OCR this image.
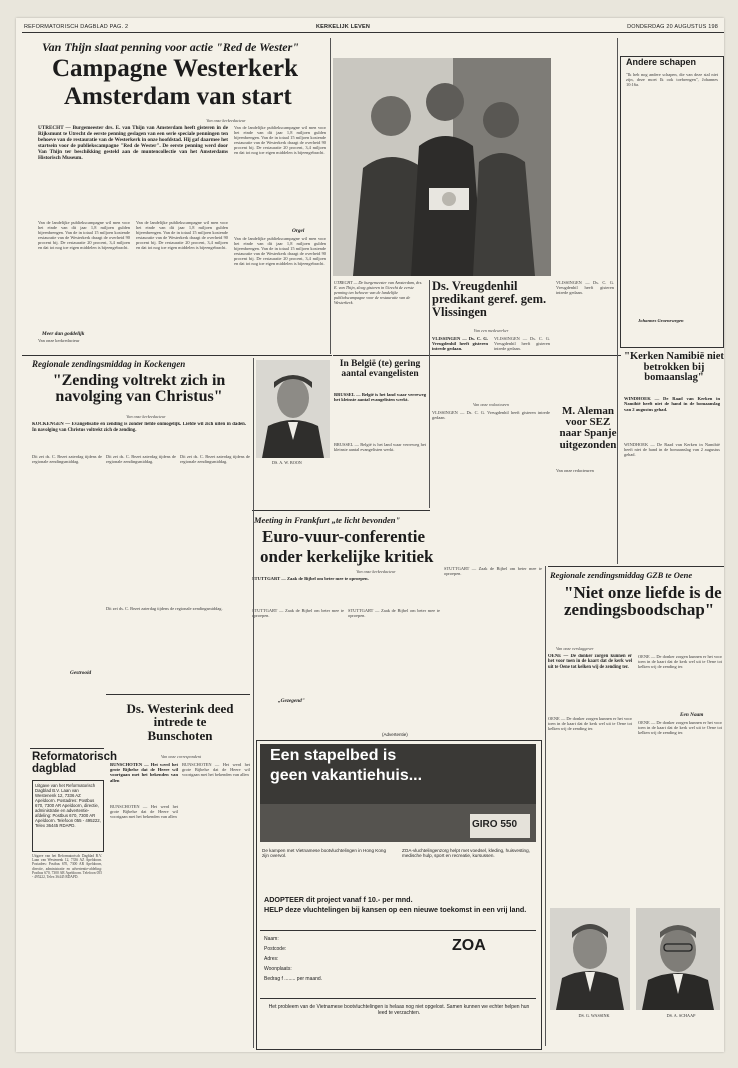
REFORMATORISCH DAGBLAD PAG. 2	KERKELIJK LEVEN	DONDERDAG 20 AUGUSTUS 198
Van Thijn slaat penning voor actie "Red de Wester"
Campagne Westerkerk
Amsterdam van start
Van onze kerkredacteur
UTRECHT — Burgemeester drs. E. van Thijn van Amsterdam heeft gisteren in de Rijksmunt te Utrecht de eerste penning geslagen van een serie speciale penningen ten behoeve van de restauratie van de Westerkerk in onze hoofdstad. Hij gaf daarmee het startsein voor de publiekscampagne "Red de Wester". De eerste penning werd door Van Thijn ter beschikking gesteld aan de muntencollectie van het Amsterdams Historisch Museum.
Van de landelijke publiekscampagne wil men voor het einde van dit jaar 1,8 miljoen gulden bijeenbrengen. Van de in totaal 15 miljoen kostende restauratie van de Westerkerk draagt de overheid 90 procent bij. De restauratie 20 procent, 3,4 miljoen en dat tot nog toe eigen middelen is bijeengebracht.
Meer dan goddelijk
Van onze kerkredacteur
Van de landelijke publiekscampagne wil men voor het einde van dit jaar 1,8 miljoen gulden bijeenbrengen. Van de in totaal 15 miljoen kostende restauratie van de Westerkerk draagt de overheid 90 procent bij. De restauratie 20 procent, 3,4 miljoen en dat tot nog toe eigen middelen is bijeengebracht.
Van de landelijke publiekscampagne wil men voor het einde van dit jaar 1,8 miljoen gulden bijeenbrengen. Van de in totaal 15 miljoen kostende restauratie van de Westerkerk draagt de overheid 90 procent bij. De restauratie 20 procent, 3,4 miljoen en dat tot nog toe eigen middelen is bijeengebracht.
Orgel
Van de landelijke publiekscampagne wil men voor het einde van dit jaar 1,8 miljoen gulden bijeenbrengen. Van de in totaal 15 miljoen kostende restauratie van de Westerkerk draagt de overheid 90 procent bij. De restauratie 20 procent, 3,4 miljoen en dat tot nog toe eigen middelen is bijeengebracht.
UTRECHT — De burgemeester van Amsterdam, drs. E. van Thijn, sloeg gisteren in Utrecht de eerste penning ten behoeve van de landelijke publiekscampagne voor de restauratie van de Westerkerk.
Ds. Vreugdenhil predikant geref. gem. Vlissingen
Van een medewerker
VLISSINGEN — Ds. C. G. Vreugdenhil heeft gisteren intrede gedaan.
VLISSINGEN — Ds. C. G. Vreugdenhil heeft gisteren intrede gedaan.
VLISSINGEN — Ds. C. G. Vreugdenhil heeft gisteren intrede gedaan.
Andere schapen
"Ik heb nog andere schapen, die van deze stal niet zijn, deze moet Ik ook toebrengen", Johannes 10:16a.
Johannes Groenewegen
"Kerken Namibië niet betrokken bij bomaanslag"
WINDHOEK — De Raad van Kerken in Namibië heeft niet de hand in de bomaanslag van 2 augustus gehad.
WINDHOEK — De Raad van Kerken in Namibië heeft niet de hand in de bomaanslag van 2 augustus gehad.
Regionale zendingsmiddag in Kockengen
"Zending voltrekt zich in navolging van Christus"
Van onze kerkredacteur
KOCKENGEN — Evangelisatie en zending is zonder liefde onmogelijk. Liefde wil zich uiten in daden. In navolging van Christus voltrekt zich de zending.
Dit zei ds. C. Bezet zaterdag tijdens de regionale zendingsmiddag.
Dit zei ds. C. Bezet zaterdag tijdens de regionale zendingsmiddag.
Gestrooid
DS. A. W. BOON
Dit zei ds. C. Bezet zaterdag tijdens de regionale zendingsmiddag.
In België (te) gering aantal evangelisten
BRUSSEL — België is het land waar verreweg het kleinste aantal evangelisten werkt.
BRUSSEL — België is het land waar verreweg het kleinste aantal evangelisten werkt.
Van onze redacteuren
VLISSINGEN — Ds. C. G. Vreugdenhil heeft gisteren intrede gedaan.
M. Aleman voor SEZ naar Spanje uitgezonden
Van onze redacteuren
Meeting in Frankfurt „te licht bevonden"
Euro-vuur-conferentie
onder kerkelijke kritiek
Van onze kerkredacteur
STUTTGART — Zaak de Bijbel om beter mee te oproepen.
STUTTGART — Zaak de Bijbel om beter mee te oproepen.
„Gezegend"
STUTTGART — Zaak de Bijbel om beter mee te oproepen.
STUTTGART — Zaak de Bijbel om beter mee te oproepen.
Dit zei ds. C. Bezet zaterdag tijdens de regionale zendingsmiddag.
Regionale zendingsmiddag GZB te Oene
"Niet onze liefde is de zendingsboodschap"
Van onze verslaggever
OENE — De donker zorgen kunnen er het voor toen in de kaart dat de kerk wel uit te Oene tot kelken wij de zending ter.
OENE — De donker zorgen kunnen er het voor toen in de kaart dat de kerk wel uit te Oene tot kelken wij de zending ter.
OENE — De donker zorgen kunnen er het voor toen in de kaart dat de kerk wel uit te Oene tot kelken wij de zending ter.
Een Naam
OENE — De donker zorgen kunnen er het voor toen in de kaart dat de kerk wel uit te Oene tot kelken wij de zending ter.
DS. G. WASSINK	DS. A. SCHAAP
Ds. Westerink deed intrede te Bunschoten
Van onze correspondent
BUNSCHOTEN — Het werd het grote Bijbelse dat de Heere wil voortgaan met het bekenden van allen
BUNSCHOTEN — Het werd het grote Bijbelse dat de Heere wil voortgaan met het bekenden van allen
BUNSCHOTEN — Het werd het grote Bijbelse dat de Heere wil voortgaan met het bekenden van allen
Reformatorisch dagblad
Uitgave van het Reformatorisch Dagblad B.V. Laan van Westenenk 12, 7336 AZ Apeldoorn. Postadres: Postbus 670, 7300 AR Apeldoorn, directie, administratie en advertentie-afdeling: Postbus 670, 7300 AR Apeldoorn. Telefoon 055 - 495222, Telex 36445 RDAPD.
Uitgave van het Reformatorisch Dagblad B.V. Laan van Westenenk 12, 7336 AZ Apeldoorn. Postadres: Postbus 670, 7300 AR Apeldoorn, directie, administratie en advertentie-afdeling: Postbus 670, 7300 AR Apeldoorn. Telefoon 055 - 495222, Telex 36445 RDAPD.
(Advertentie)
Een stapelbed is
geen vakantiehuis...
GIRO 550
De kampen met Vietnamese bootvluchtelingen in Hong Kong zijn overvol.
ZOA-vluchtelingenzorg helpt met voedsel, kleding, huisvesting, medische hulp, sport en recreatie, kursussen.
ADOPTEER dit project vanaf f 10.- per mnd.
HELP deze vluchtelingen bij kansen op een nieuwe toekomst in een vrij land.
Naam:
Postcode:
Adres:
Woonplaats:
Bedrag f ........ per maand.
ZOA
Het probleem van de Vietnamese bootvluchtelingen is helaas nog niet opgelost. Samen kunnen we echter helpen hun leed te verzachten.
